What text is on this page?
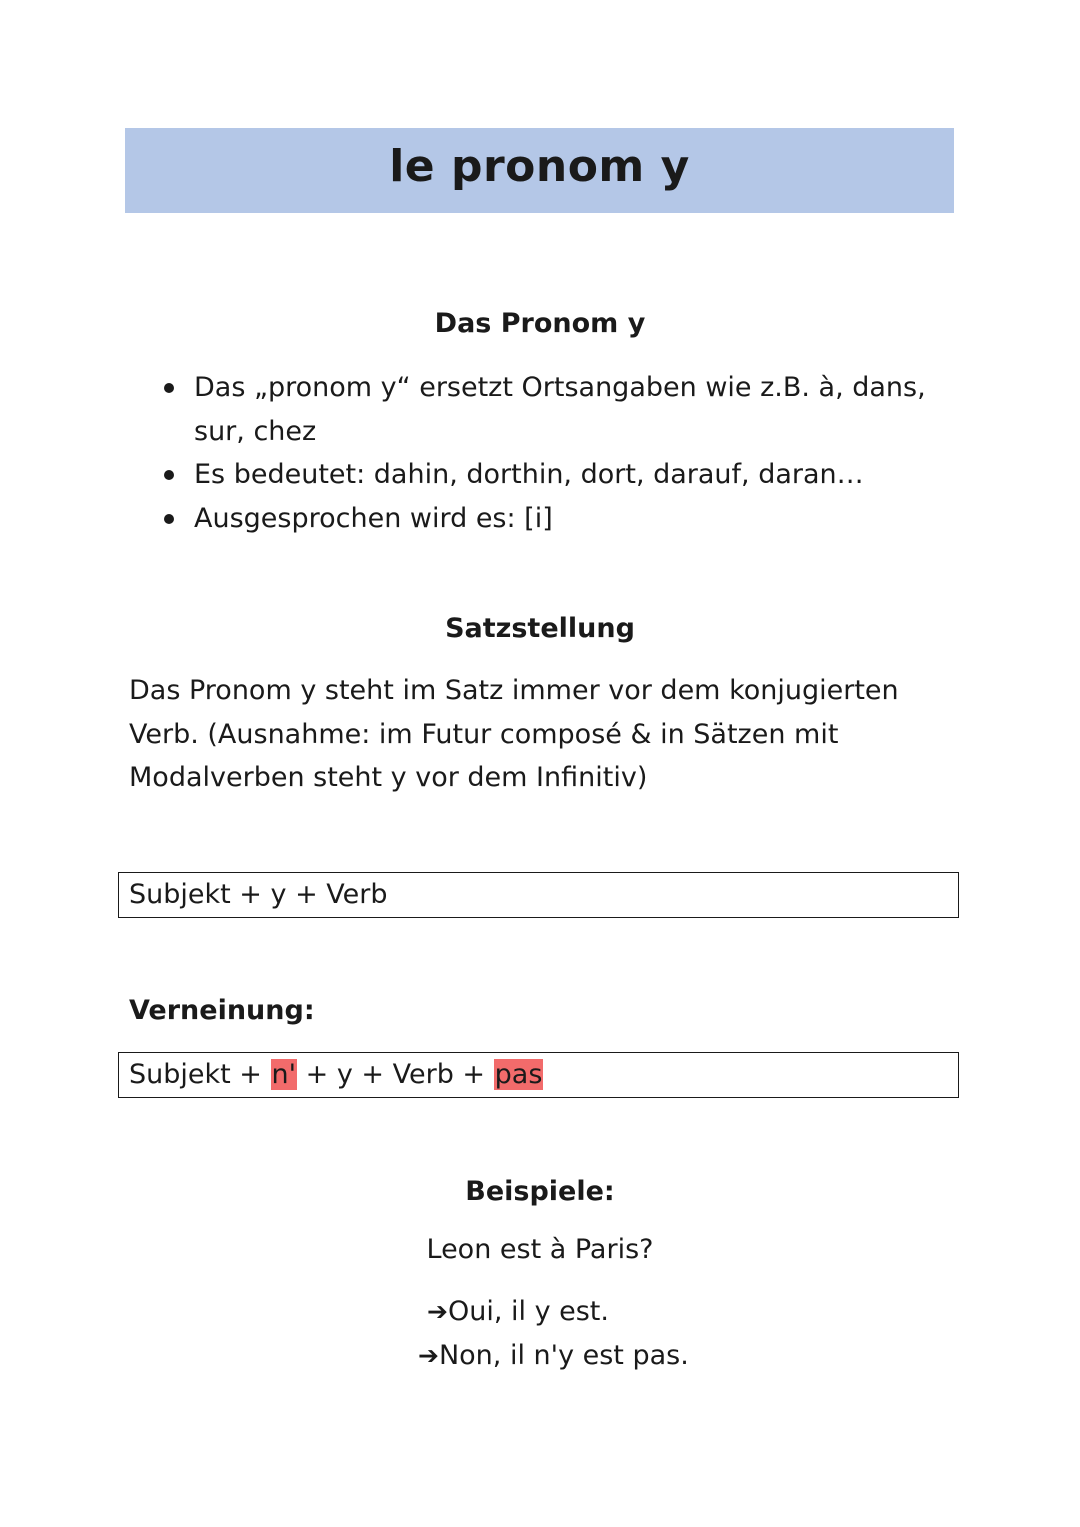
le pronom y
Das Pronom y
Das „pronom y“ ersetzt Ortsangaben wie z.B. à, dans,
sur, chez
Es bedeutet: dahin, dorthin, dort, darauf, daran…
Ausgesprochen wird es: [i]
Satzstellung

Das Pronom y steht im Satz immer vor dem konjugierten
Verb. (Ausnahme: im Futur composé & in Sätzen mit
Modalverben steht y vor dem Infinitiv)

Subjekt + y + Verb
Verneinung:
Subjekt + n' + y + Verb + pas
Beispiele:
Leon est à Paris?
➔Oui, il y est.
➔Non, il n'y est pas.
